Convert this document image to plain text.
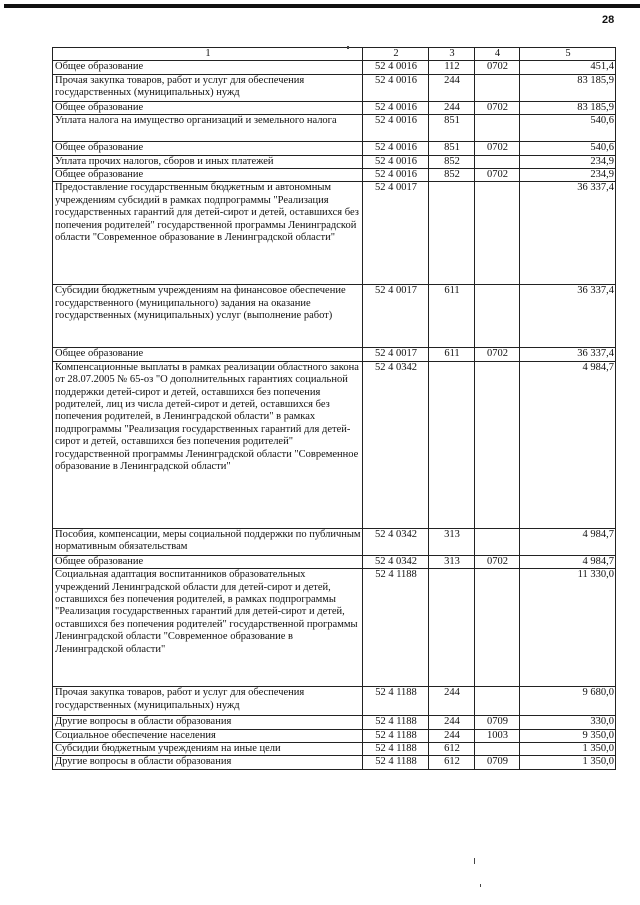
28
1	2	3	4	5
Общее образование	52 4 0016	112	0702	451,4
Прочая закупка товаров, работ и услуг для обеспечения государственных (муниципальных) нужд	52 4 0016	244		83 185,9
Общее образование	52 4 0016	244	0702	83 185,9
Уплата налога на имущество организаций и земельного налога	52 4 0016	851		540,6
Общее образование	52 4 0016	851	0702	540,6
Уплата прочих налогов, сборов и иных платежей	52 4 0016	852		234,9
Общее образование	52 4 0016	852	0702	234,9
Предоставление государственным бюджетным и автономным учреждениям субсидий в рамках подпрограммы "Реализация государственных гарантий для детей-сирот и детей, оставшихся без попечения родителей" государственной программы Ленинградской области "Современное образование в Ленинградской области"	52 4 0017			36 337,4
Субсидии бюджетным учреждениям на финансовое обеспечение государственного (муниципального) задания на оказание государственных (муниципальных) услуг (выполнение работ)	52 4 0017	611		36 337,4
Общее образование	52 4 0017	611	0702	36 337,4
Компенсационные выплаты в рамках реализации областного закона от 28.07.2005 № 65-оз "О дополнительных гарантиях социальной поддержки детей-сирот и детей, оставшихся без попечения родителей, лиц из числа детей-сирот и детей, оставшихся без попечения родителей, в Ленинградской области" в рамках подпрограммы "Реализация государственных гарантий для детей-сирот и детей, оставшихся без попечения родителей" государственной программы Ленинградской области "Современное образование в Ленинградской области"	52 4 0342			4 984,7
Пособия, компенсации, меры социальной поддержки по публичным нормативным обязательствам	52 4 0342	313		4 984,7
Общее образование	52 4 0342	313	0702	4 984,7
Социальная адаптация воспитанников образовательных учреждений Ленинградской области для детей-сирот и детей, оставшихся без попечения родителей, в рамках подпрограммы "Реализация государственных гарантий для детей-сирот и детей, оставшихся без попечения родителей" государственной программы Ленинградской области "Современное образование в Ленинградской области"	52 4 1188			11 330,0
Прочая закупка товаров, работ и услуг для обеспечения государственных (муниципальных) нужд	52 4 1188	244		9 680,0
Другие вопросы в области образования	52 4 1188	244	0709	330,0
Социальное обеспечение населения	52 4 1188	244	1003	9 350,0
Субсидии бюджетным учреждениям на иные цели	52 4 1188	612		1 350,0
Другие вопросы в области образования	52 4 1188	612	0709	1 350,0
